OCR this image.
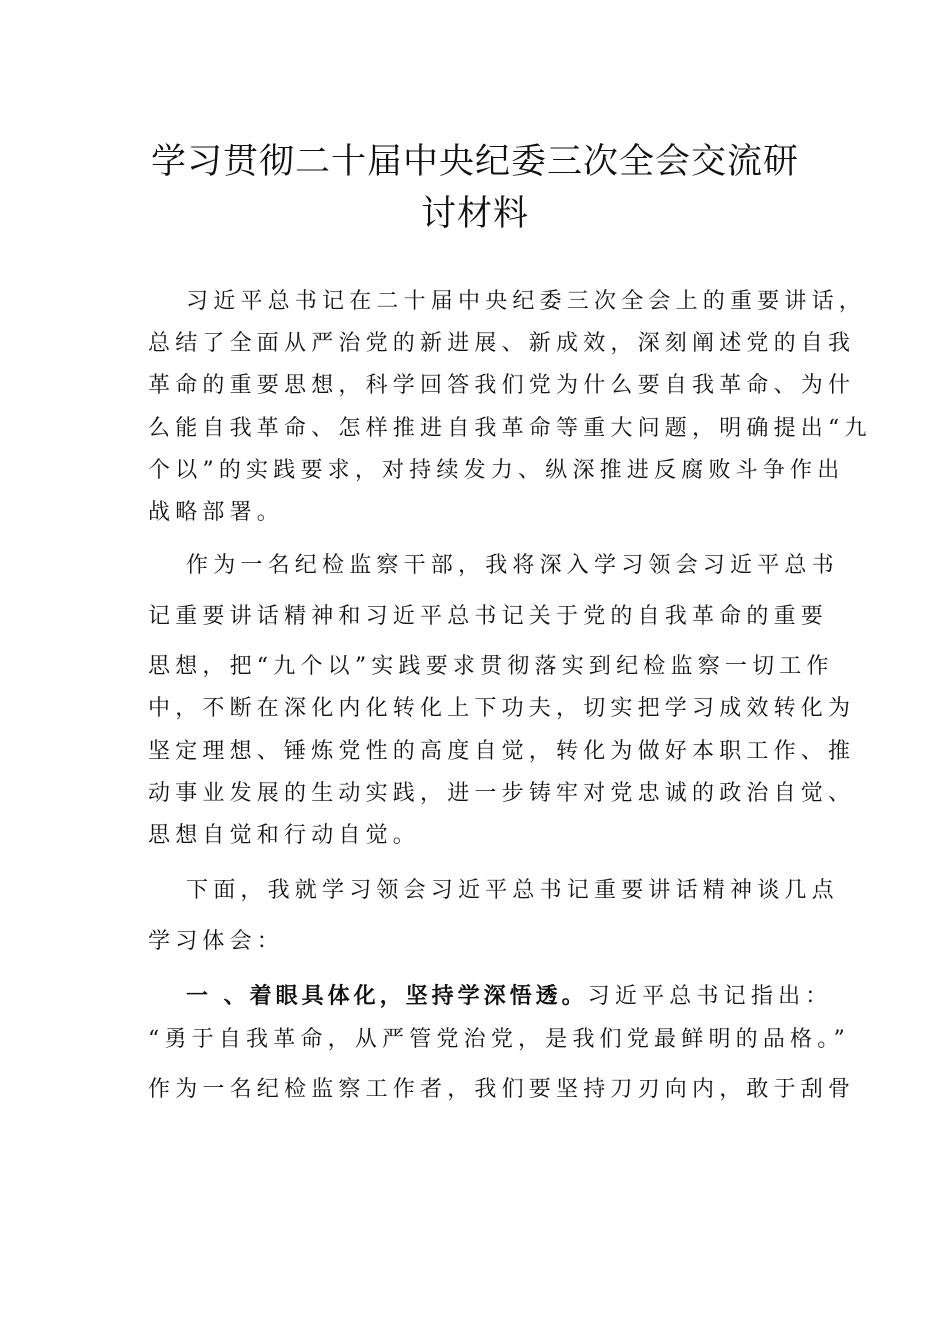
学习贯彻二十届中央纪委三次全会交流研
讨材料
习近平总书记在二十届中央纪委三次全会上的重要讲话，
总结了全面从严治党的新进展、新成效，深刻阐述党的自我
革命的重要思想，科学回答我们党为什么要自我革命、为什
么能自我革命、怎样推进自我革命等重大问题，明确提出“九
个以”的实践要求，对持续发力、纵深推进反腐败斗争作出
战略部署。
作为一名纪检监察干部，我将深入学习领会习近平总书
记重要讲话精神和习近平总书记关于党的自我革命的重要
思想，把“九个以”实践要求贯彻落实到纪检监察一切工作
中，不断在深化内化转化上下功夫，切实把学习成效转化为
坚定理想、锤炼党性的高度自觉，转化为做好本职工作、推
动事业发展的生动实践，进一步铸牢对党忠诚的政治自觉、
思想自觉和行动自觉。
下面，我就学习领会习近平总书记重要讲话精神谈几点
学习体会：
一 、着眼具体化，坚持学深悟透。习近平总书记指出：
“勇于自我革命，从严管党治党，是我们党最鲜明的品格。”
作为一名纪检监察工作者，我们要坚持刀刃向内，敢于刮骨
